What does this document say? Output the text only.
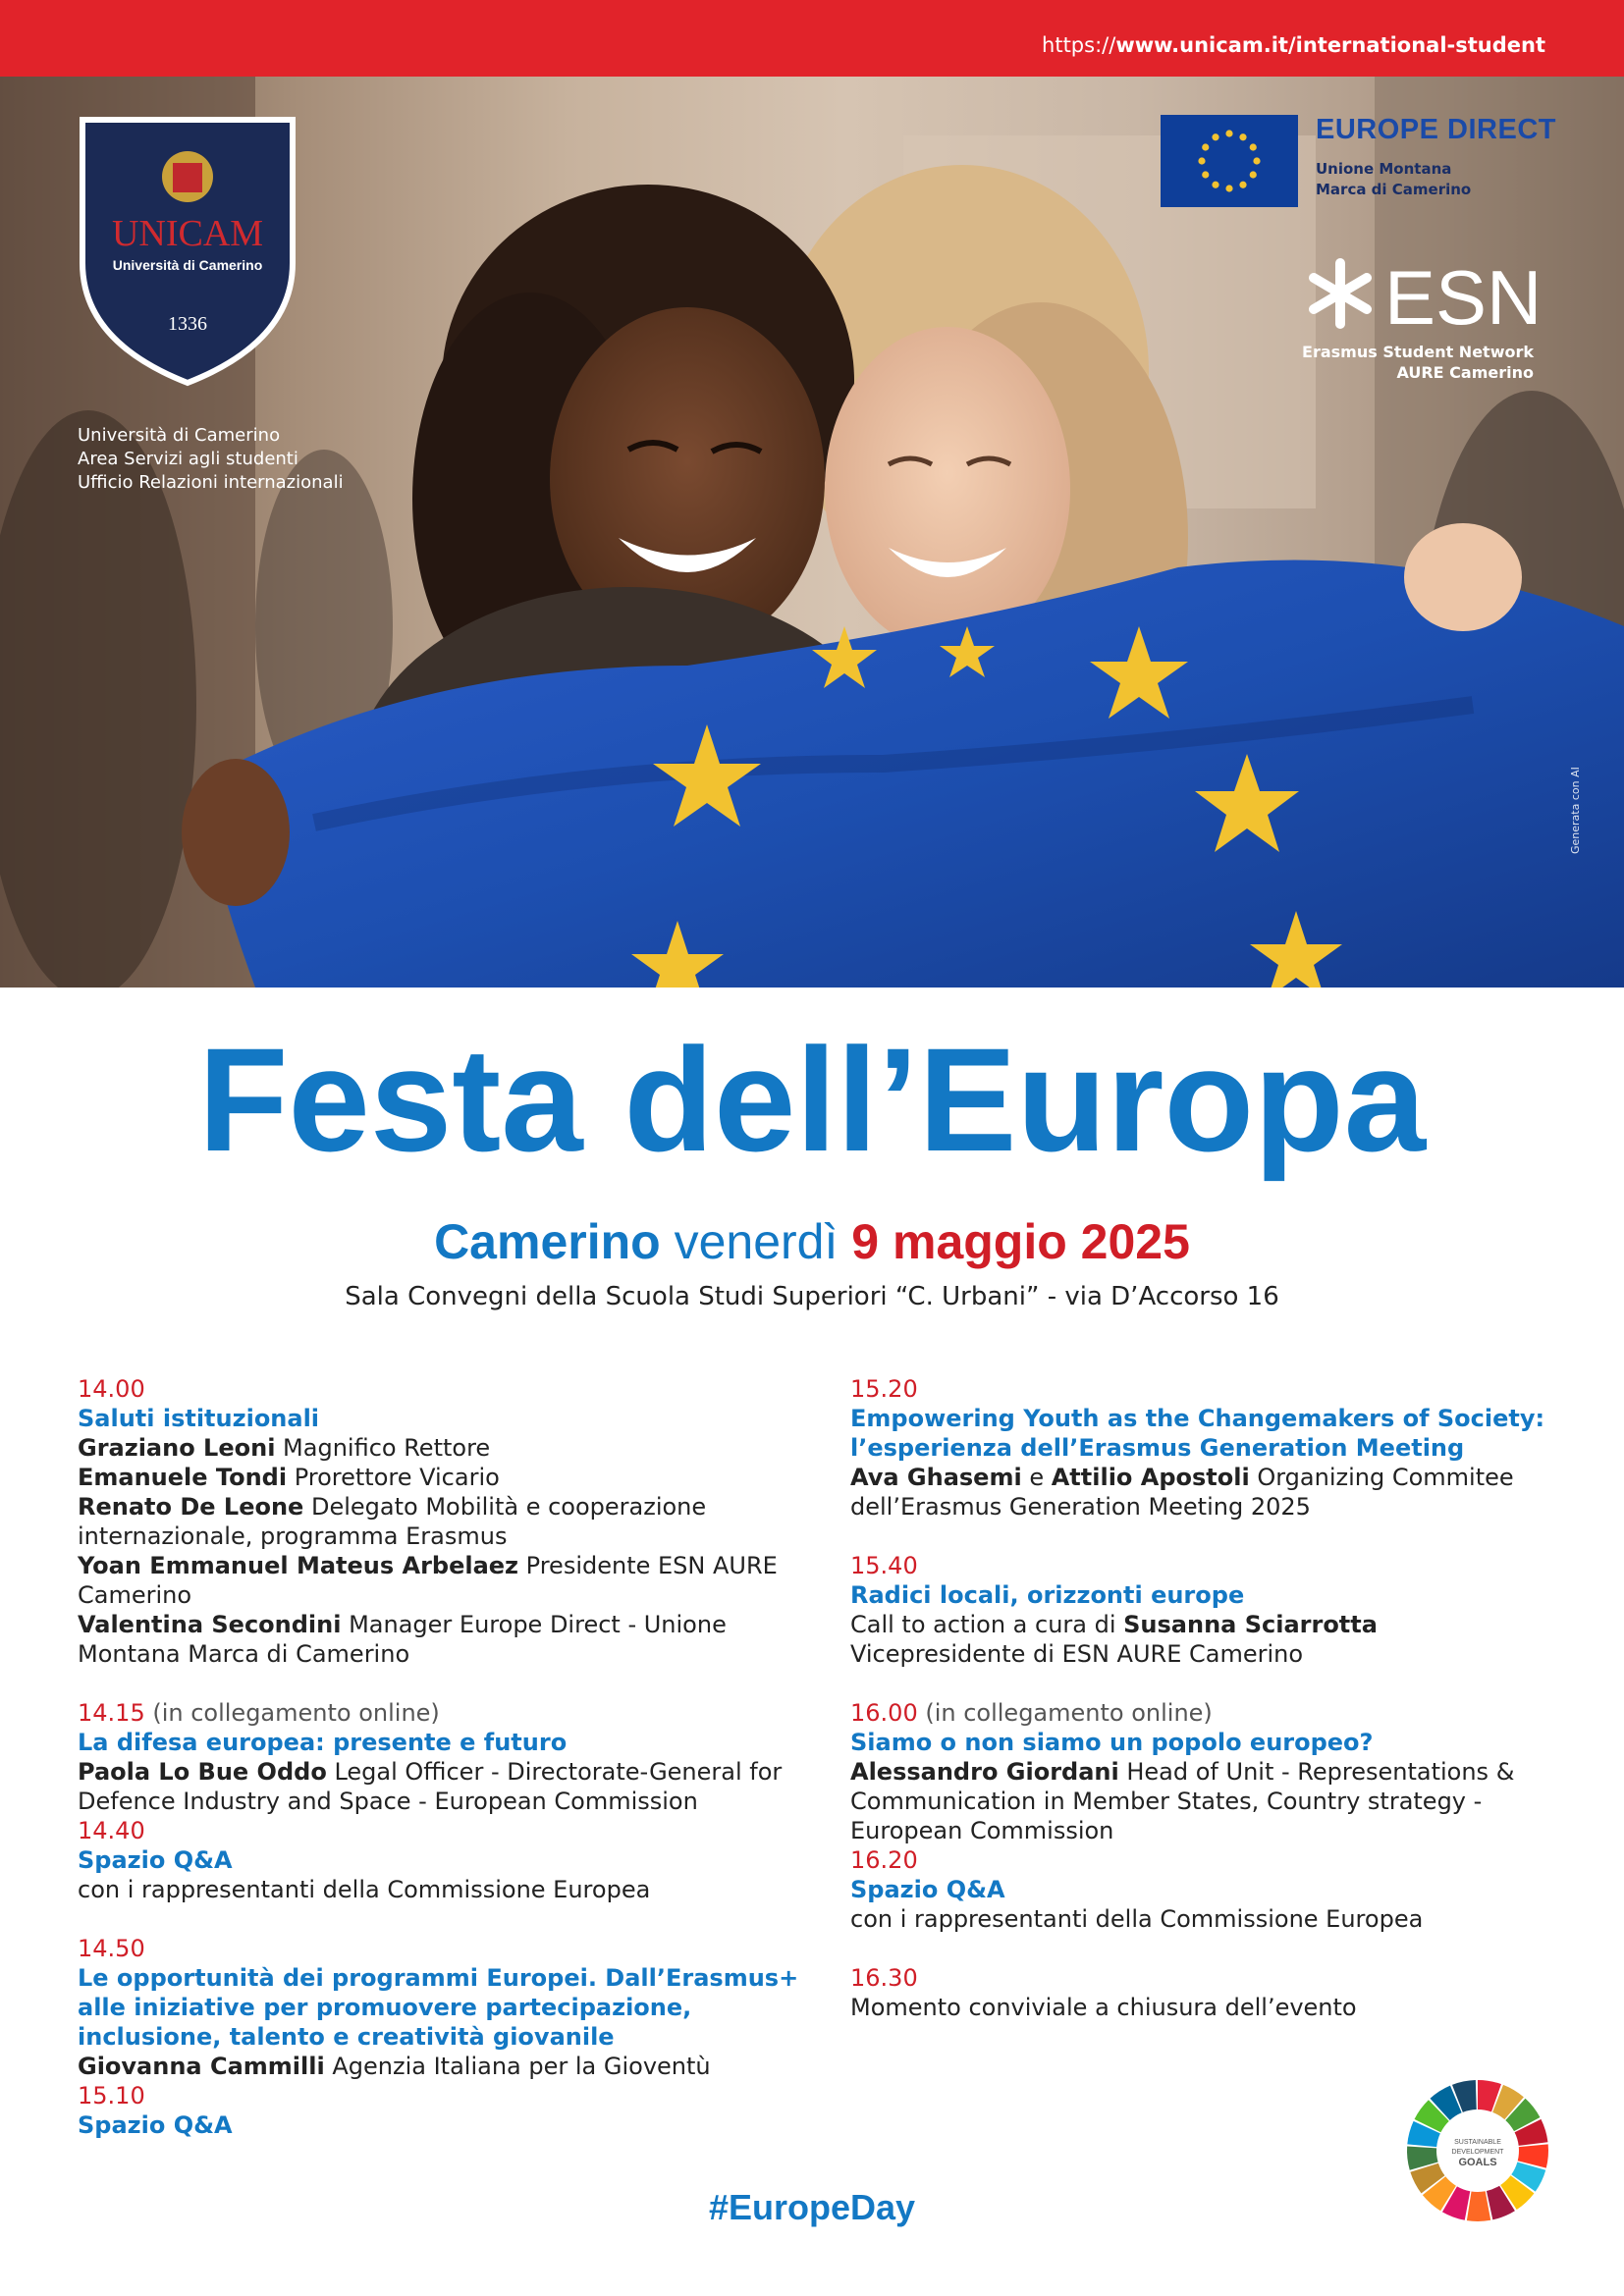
https://www.unicam.it/international-student
UNICAM
Università di Camerino
1336
Università di Camerino
Area Servizi agli studenti
Ufficio Relazioni internazionali
EUROPE DIRECT
Unione Montana
Marca di Camerino
ESN
Erasmus Student Network
AURE Camerino
Generata con AI
Festa dell’Europa
Camerino venerdì 9 maggio 2025
Sala Convegni della Scuola Studi Superiori “C. Urbani” - via D’Accorso 16
14.00
Saluti istituzionali
Graziano Leoni Magnifico Rettore
Emanuele Tondi Prorettore Vicario
Renato De Leone Delegato Mobilità e cooperazione internazionale, programma Erasmus
Yoan Emmanuel Mateus Arbelaez Presidente ESN AURE Camerino
Valentina Secondini Manager Europe Direct - Unione Montana Marca di Camerino
14.15 (in collegamento online)
La difesa europea: presente e futuro
Paola Lo Bue Oddo Legal Officer - Directorate-General for Defence Industry and Space - European Commission
14.40
Spazio Q&A
con i rappresentanti della Commissione Europea
14.50
Le opportunità dei programmi Europei. Dall’Erasmus+ alle iniziative per promuovere partecipazione, inclusione, talento e creatività giovanile
Giovanna Cammilli Agenzia Italiana per la Gioventù
15.10
Spazio Q&A
15.20
Empowering Youth as the Changemakers of Society: l’esperienza dell’Erasmus Generation Meeting
Ava Ghasemi e Attilio Apostoli Organizing Commitee dell’Erasmus Generation Meeting 2025
15.40
Radici locali, orizzonti europe
Call to action a cura di Susanna Sciarrotta Vicepresidente di ESN AURE Camerino
16.00 (in collegamento online)
Siamo o non siamo un popolo europeo?
Alessandro Giordani Head of Unit - Representations & Communication in Member States, Country strategy - European Commission
16.20
Spazio Q&A
con i rappresentanti della Commissione Europea
16.30
Momento conviviale a chiusura dell’evento
#EuropeDay
SUSTAINABLE
DEVELOPMENT
GOALS
